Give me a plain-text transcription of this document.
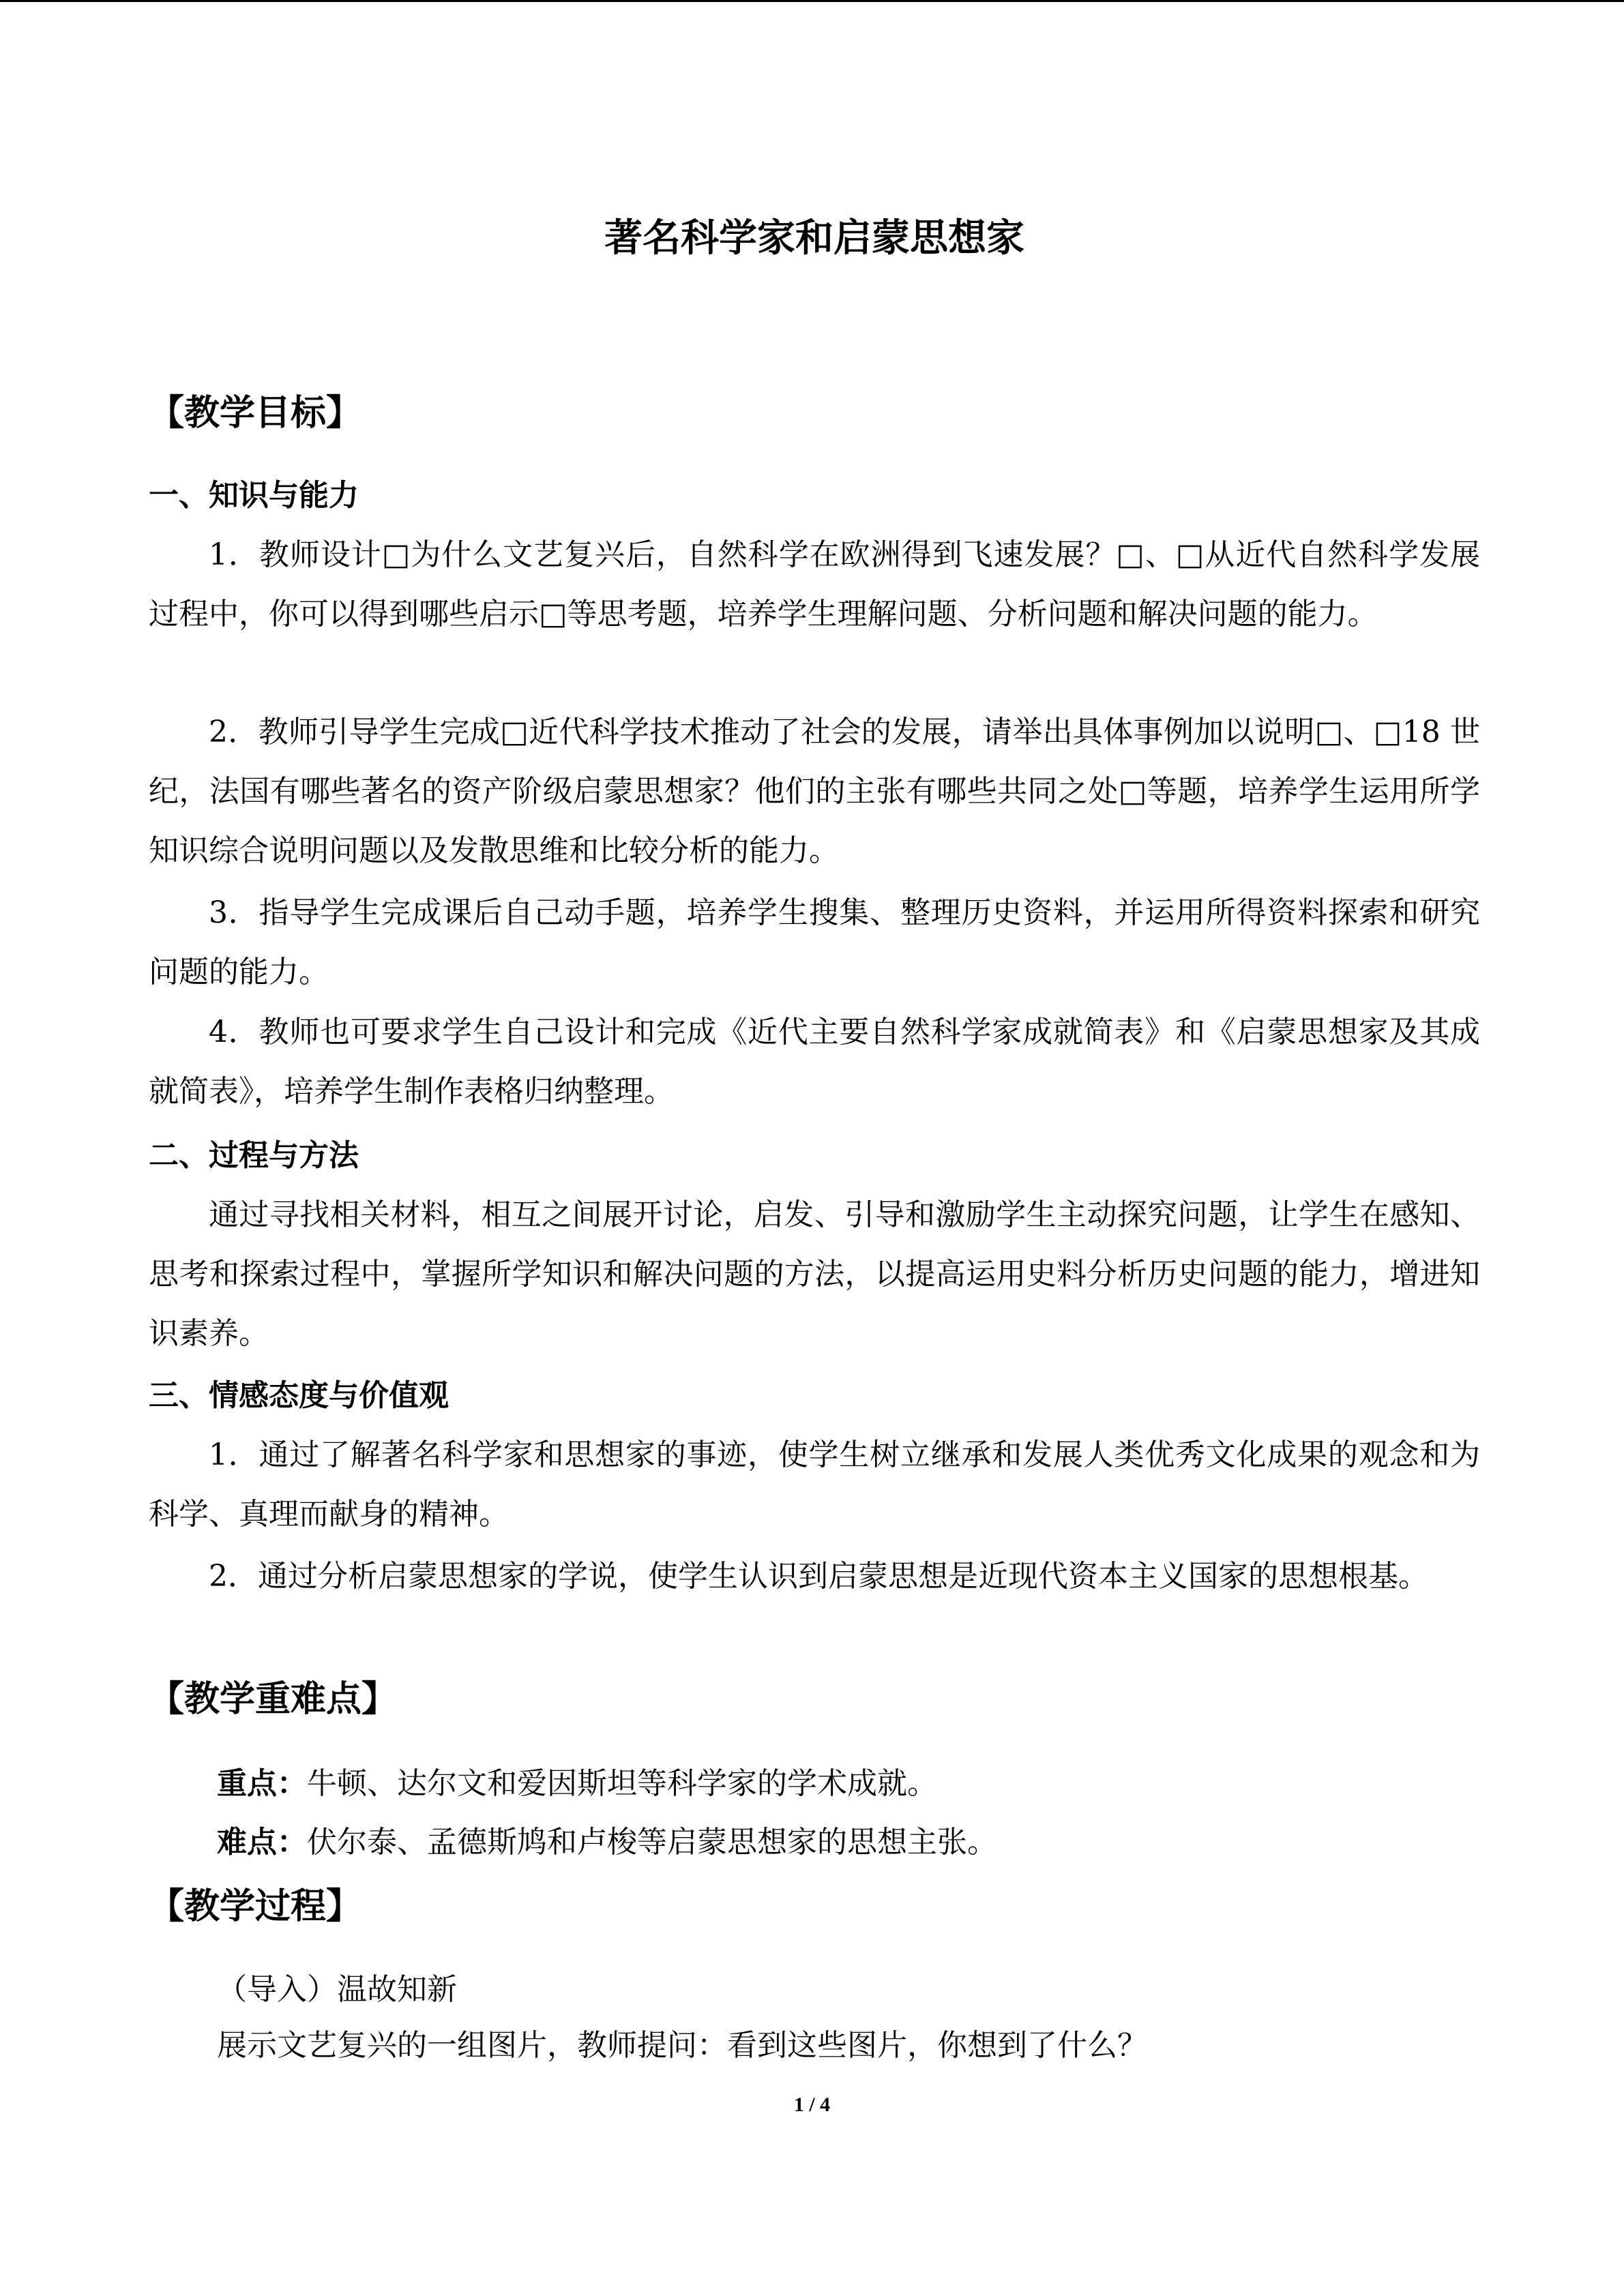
著名科学家和启蒙思想家
【教学目标】
一、知识与能力

1．教师设计□为什么文艺复兴后，自然科学在欧洲得到飞速发展？□、□从近代自然科学发展过程中，你可以得到哪些启示□等思考题，培养学生理解问题、分析问题和解决问题的能力。

2．教师引导学生完成□近代科学技术推动了社会的发展，请举出具体事例加以说明□、□18 世纪，法国有哪些著名的资产阶级启蒙思想家？他们的主张有哪些共同之处□等题，培养学生运用所学知识综合说明问题以及发散思维和比较分析的能力。

3．指导学生完成课后自己动手题，培养学生搜集、整理历史资料，并运用所得资料探索和研究问题的能力。

4．教师也可要求学生自己设计和完成《近代主要自然科学家成就简表》和《启蒙思想家及其成就简表》，培养学生制作表格归纳整理。

二、过程与方法

通过寻找相关材料，相互之间展开讨论，启发、引导和激励学生主动探究问题，让学生在感知、思考和探索过程中，掌握所学知识和解决问题的方法，以提高运用史料分析历史问题的能力，增进知识素养。

三、情感态度与价值观

1．通过了解著名科学家和思想家的事迹，使学生树立继承和发展人类优秀文化成果的观念和为科学、真理而献身的精神。

2．通过分析启蒙思想家的学说，使学生认识到启蒙思想是近现代资本主义国家的思想根基。

【教学重难点】
重点：牛顿、达尔文和爱因斯坦等科学家的学术成就。
难点：伏尔泰、孟德斯鸠和卢梭等启蒙思想家的思想主张。
【教学过程】
（导入）温故知新
展示文艺复兴的一组图片，教师提问：看到这些图片，你想到了什么？
1 / 4
